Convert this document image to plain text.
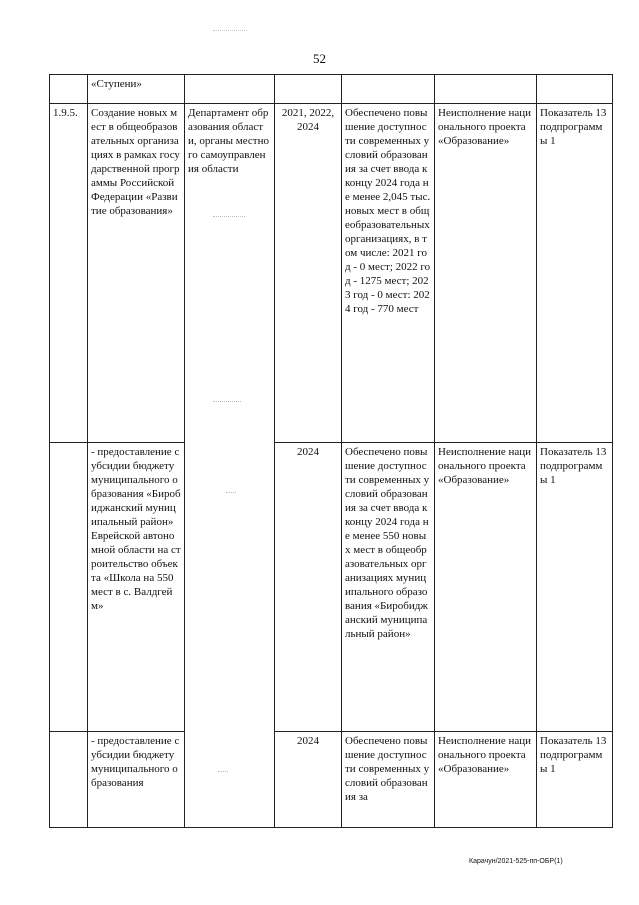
52
	«Ступени»					
1.9.5.	Создание новых мест в общеобразовательных организациях в рамках государственной программы Российской Федерации «Развитие образования»	Департамент образования области, органы местного самоуправления области	2021, 2022, 2024	Обеспечено повышение доступности современных условий образования за счет ввода к концу 2024 года не менее 2,045 тыс. новых мест в общеобразовательных организациях, в том числе: 2021 год - 0 мест; 2022 год - 1275 мест; 2023 год - 0 мест: 2024 год - 770 мест	Неисполнение национального проекта «Образование»	Показатель 13 подпрограммы 1
	- предоставление субсидии бюджету муниципального образования «Биробиджанский муниципальный район» Еврейской автономной области на строительство объекта «Школа на 550 мест в с. Валдгейм»		2024	Обеспечено повышение доступности современных условий образования за счет ввода к концу 2024 года не менее 550 новых мест в общеобразовательных организациях муниципального образования «Биробиджанский муниципальный район»	Неисполнение национального проекта «Образование»	Показатель 13 подпрограммы 1
	- предоставление субсидии бюджету муниципального образования		2024	Обеспечено повышение доступности современных условий образования за	Неисполнение национального проекта «Образование»	Показатель 13 подпрограммы 1
Карачун/2021-525-пп-ОБР(1)
